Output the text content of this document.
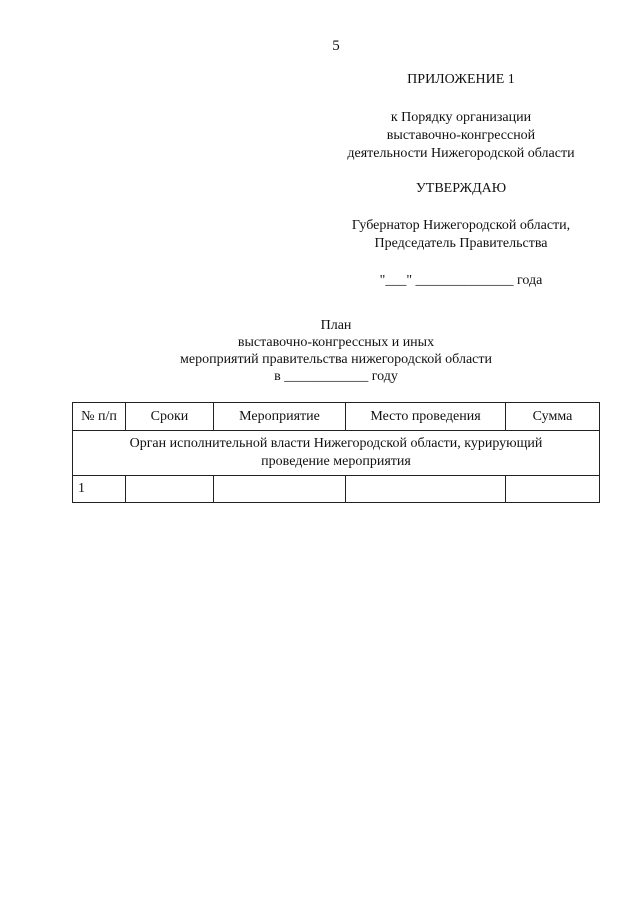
5
ПРИЛОЖЕНИЕ 1
к Порядку организации
выставочно-конгрессной
деятельности Нижегородской области
УТВЕРЖДАЮ
Губернатор Нижегородской области,
Председатель Правительства
"___" ______________ года
План
выставочно-конгрессных и иных
мероприятий правительства нижегородской области
в ____________ году
№ п/п	Сроки	Мероприятие	Место проведения	Сумма
Орган исполнительной власти Нижегородской области, курирующий
проведение мероприятия				
1				
